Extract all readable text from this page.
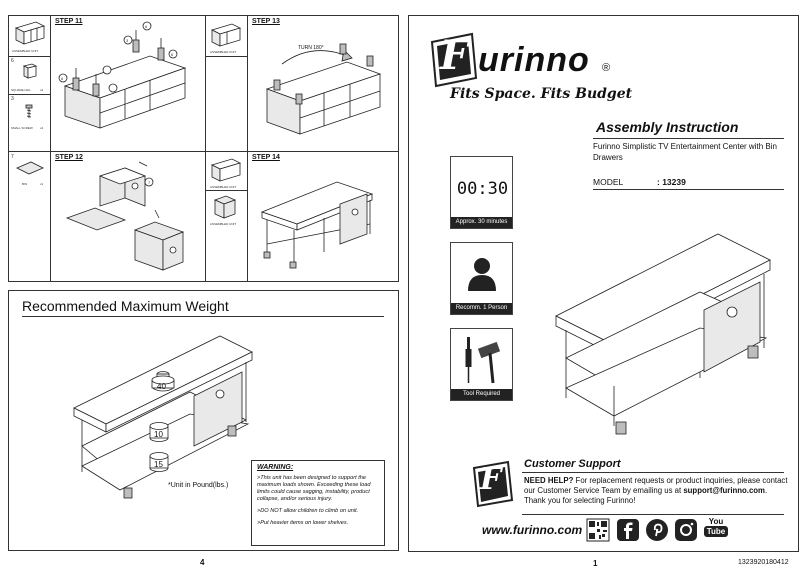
ASSEMBLED UNIT
6
SQUARE LEG	x4
3
SMALL SCREW x4
STEP 11
6
3
6
6
ASSEMBLED UNIT
STEP 13
TURN 180°
7
BIN	x1
STEP 12
7
ASSEMBLED UNIT
ASSEMBLED UNIT
STEP 14
Recommended Maximum Weight
40
10
15
*Unit in Pound(lbs.)
WARNING:
>This unit has been designed to support the maximum loads shown. Exceeding these load limits could cause sagging, instability, product collapse, and/or serious injury.
>DO NOT allow children to climb on unit.
>Put heavier items on lower shelves.
4
F urinno ®
Fits Space. Fits Budget
Assembly Instruction
Furinno Simplistic TV Entertainment Center with Bin Drawers
MODEL	: 13239
00:30
Approx. 30 minutes
Recomm. 1 Person
Tool Required
F Customer Support
NEED HELP? For replacement requests or product inquiries, please contact our Customer Service Team by emailing us at support@furinno.com. Thank you for selecting Furinno!
www.furinno.com
You
Tube
1	1323920180412
